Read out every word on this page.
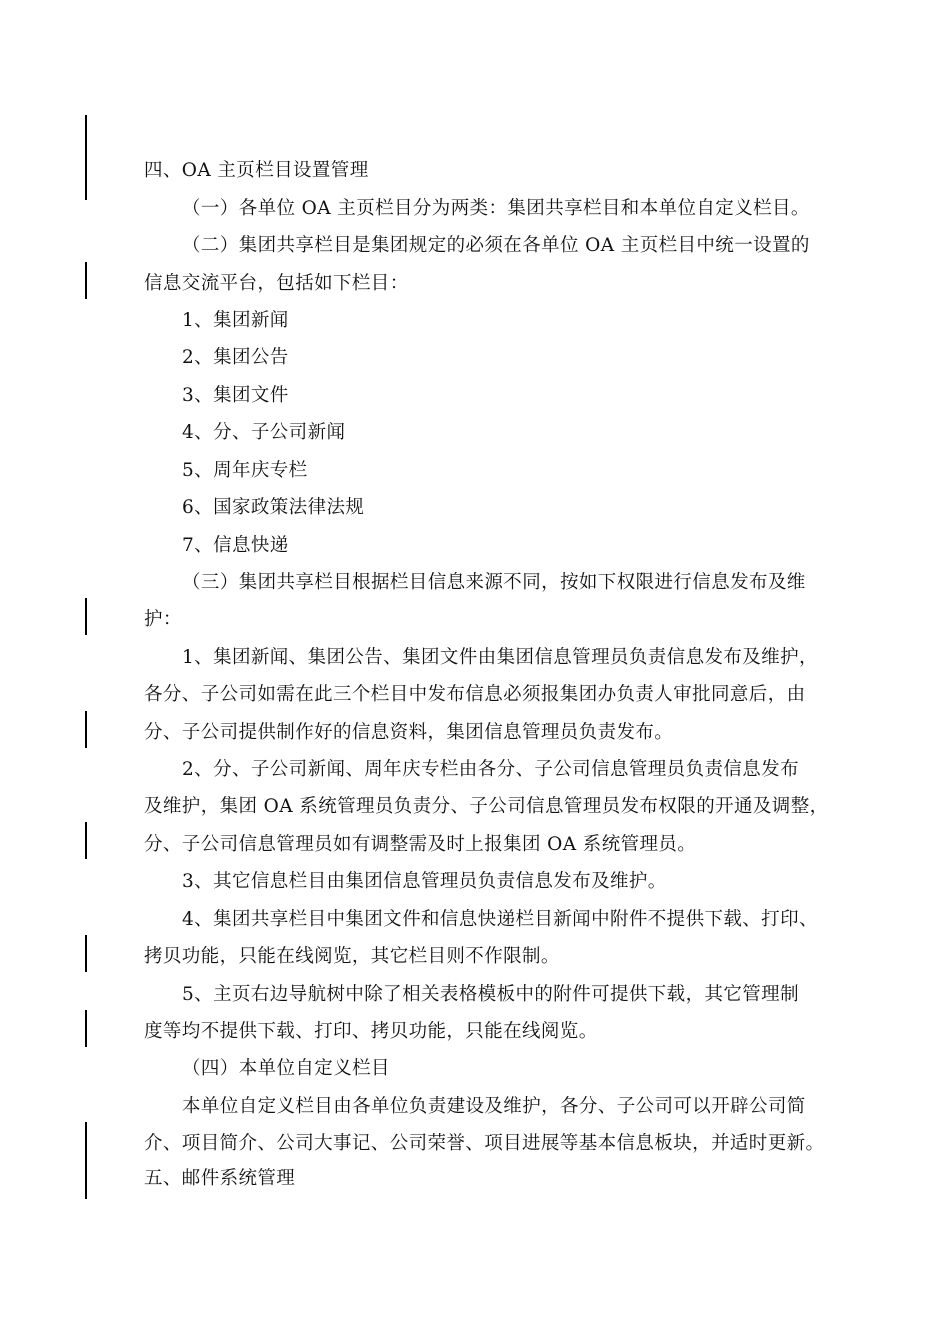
四、OA 主页栏目设置管理
（一）各单位 OA 主页栏目分为两类：集团共享栏目和本单位自定义栏目。
（二）集团共享栏目是集团规定的必须在各单位 OA 主页栏目中统一设置的
信息交流平台，包括如下栏目：
1、集团新闻
2、集团公告
3、集团文件
4、分、子公司新闻
5、周年庆专栏
6、国家政策法律法规
7、信息快递
（三）集团共享栏目根据栏目信息来源不同，按如下权限进行信息发布及维
护：
1、集团新闻、集团公告、集团文件由集团信息管理员负责信息发布及维护，
各分、子公司如需在此三个栏目中发布信息必须报集团办负责人审批同意后，由
分、子公司提供制作好的信息资料，集团信息管理员负责发布。
2、分、子公司新闻、周年庆专栏由各分、子公司信息管理员负责信息发布
及维护，集团 OA 系统管理员负责分、子公司信息管理员发布权限的开通及调整，
分、子公司信息管理员如有调整需及时上报集团 OA 系统管理员。
3、其它信息栏目由集团信息管理员负责信息发布及维护。
4、集团共享栏目中集团文件和信息快递栏目新闻中附件不提供下载、打印、
拷贝功能，只能在线阅览，其它栏目则不作限制。
5、主页右边导航树中除了相关表格模板中的附件可提供下载，其它管理制
度等均不提供下载、打印、拷贝功能，只能在线阅览。
（四）本单位自定义栏目
本单位自定义栏目由各单位负责建设及维护，各分、子公司可以开辟公司简
介、项目简介、公司大事记、公司荣誉、项目进展等基本信息板块，并适时更新。
五、邮件系统管理
